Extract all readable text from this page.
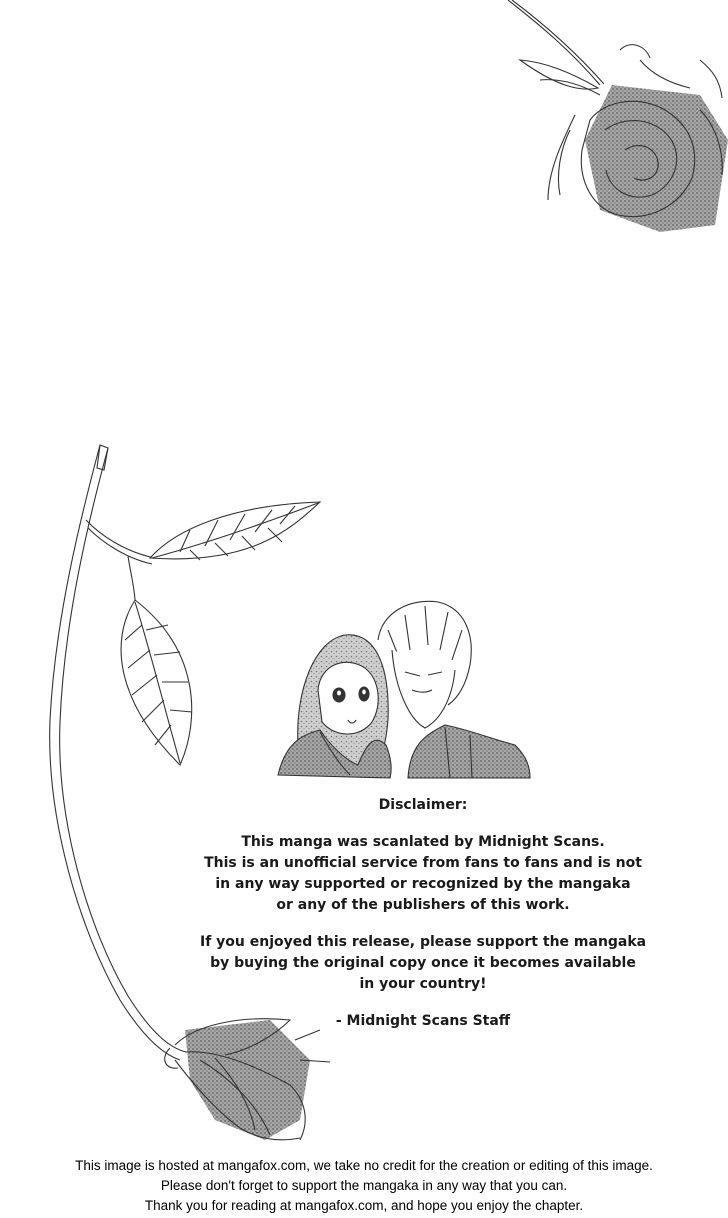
Disclaimer:
This manga was scanlated by Midnight Scans.
This is an unofficial service from fans to fans and is not
in any way supported or recognized by the mangaka
or any of the publishers of this work.
If you enjoyed this release, please support the mangaka
by buying the original copy once it becomes available
in your country!
- Midnight Scans Staff
This image is hosted at mangafox.com, we take no credit for the creation or editing of this image.
Please don't forget to support the mangaka in any way that you can.
Thank you for reading at mangafox.com, and hope you enjoy the chapter.
